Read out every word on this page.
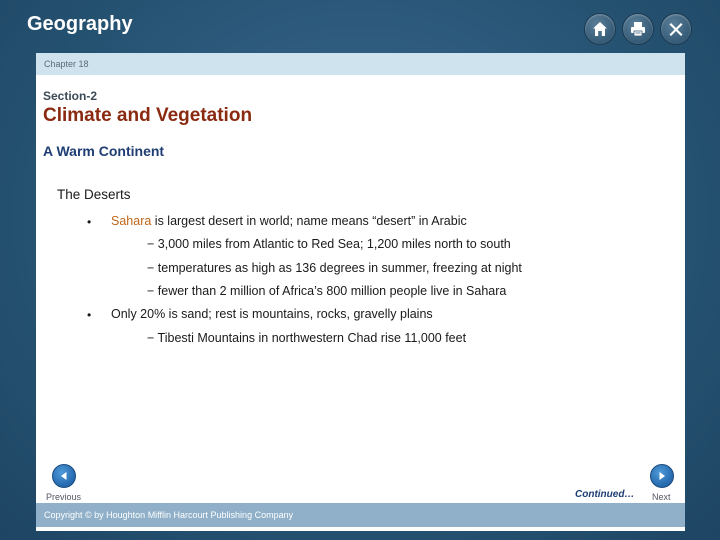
Geography
Chapter 18
Section-2
Climate and Vegetation
A Warm Continent
The Deserts
• Sahara is largest desert in world; name means “desert” in Arabic
− 3,000 miles from Atlantic to Red Sea; 1,200 miles north to south
− temperatures as high as 136 degrees in summer, freezing at night
− fewer than 2 million of Africa’s 800 million people live in Sahara
• Only 20% is sand; rest is mountains, rocks, gravelly plains
− Tibesti Mountains in northwestern Chad rise 11,000 feet
Previous	Continued… Next
Copyright © by Houghton Mifflin Harcourt Publishing Company
